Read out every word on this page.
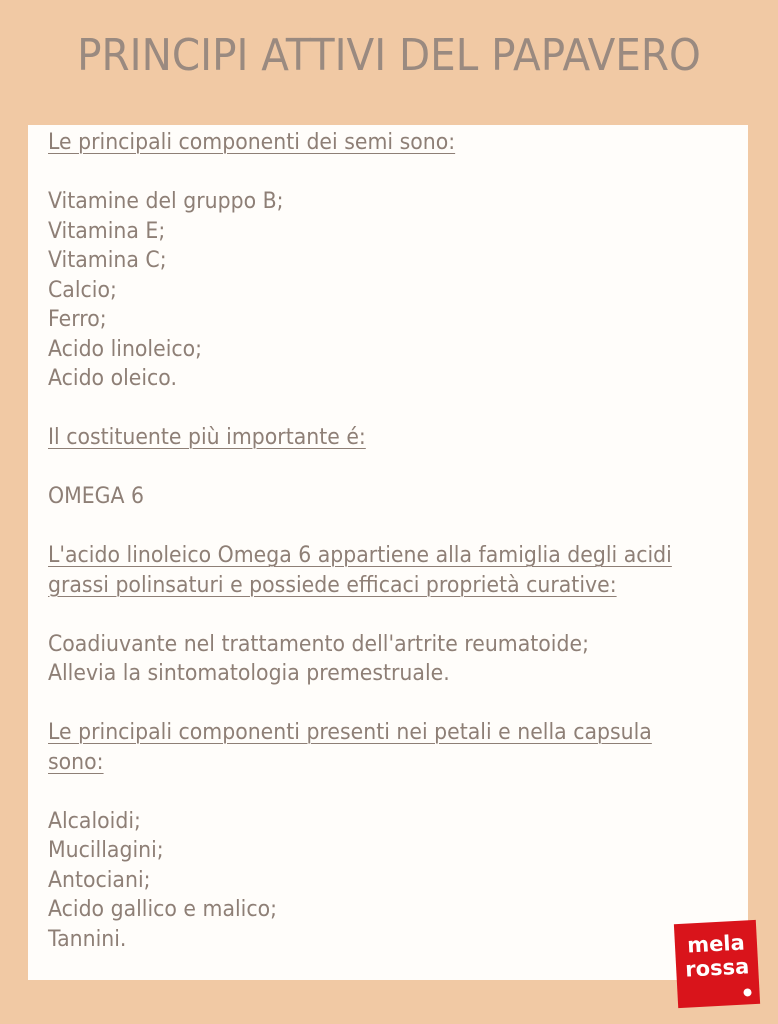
PRINCIPI ATTIVI DEL PAPAVERO
Le principali componenti dei semi sono:
Vitamine del gruppo B;
Vitamina E;
Vitamina C;
Calcio;
Ferro;
Acido linoleico;
Acido oleico.
Il costituente più importante é:
OMEGA 6
L'acido linoleico Omega 6 appartiene alla famiglia degli acidi
grassi polinsaturi e possiede efficaci proprietà curative:
Coadiuvante nel trattamento dell'artrite reumatoide;
Allevia la sintomatologia premestruale.
Le principali componenti presenti nei petali e nella capsula
sono:
Alcaloidi;
Mucillagini;
Antociani;
Acido gallico e malico;
Tannini.	mela
rossa
